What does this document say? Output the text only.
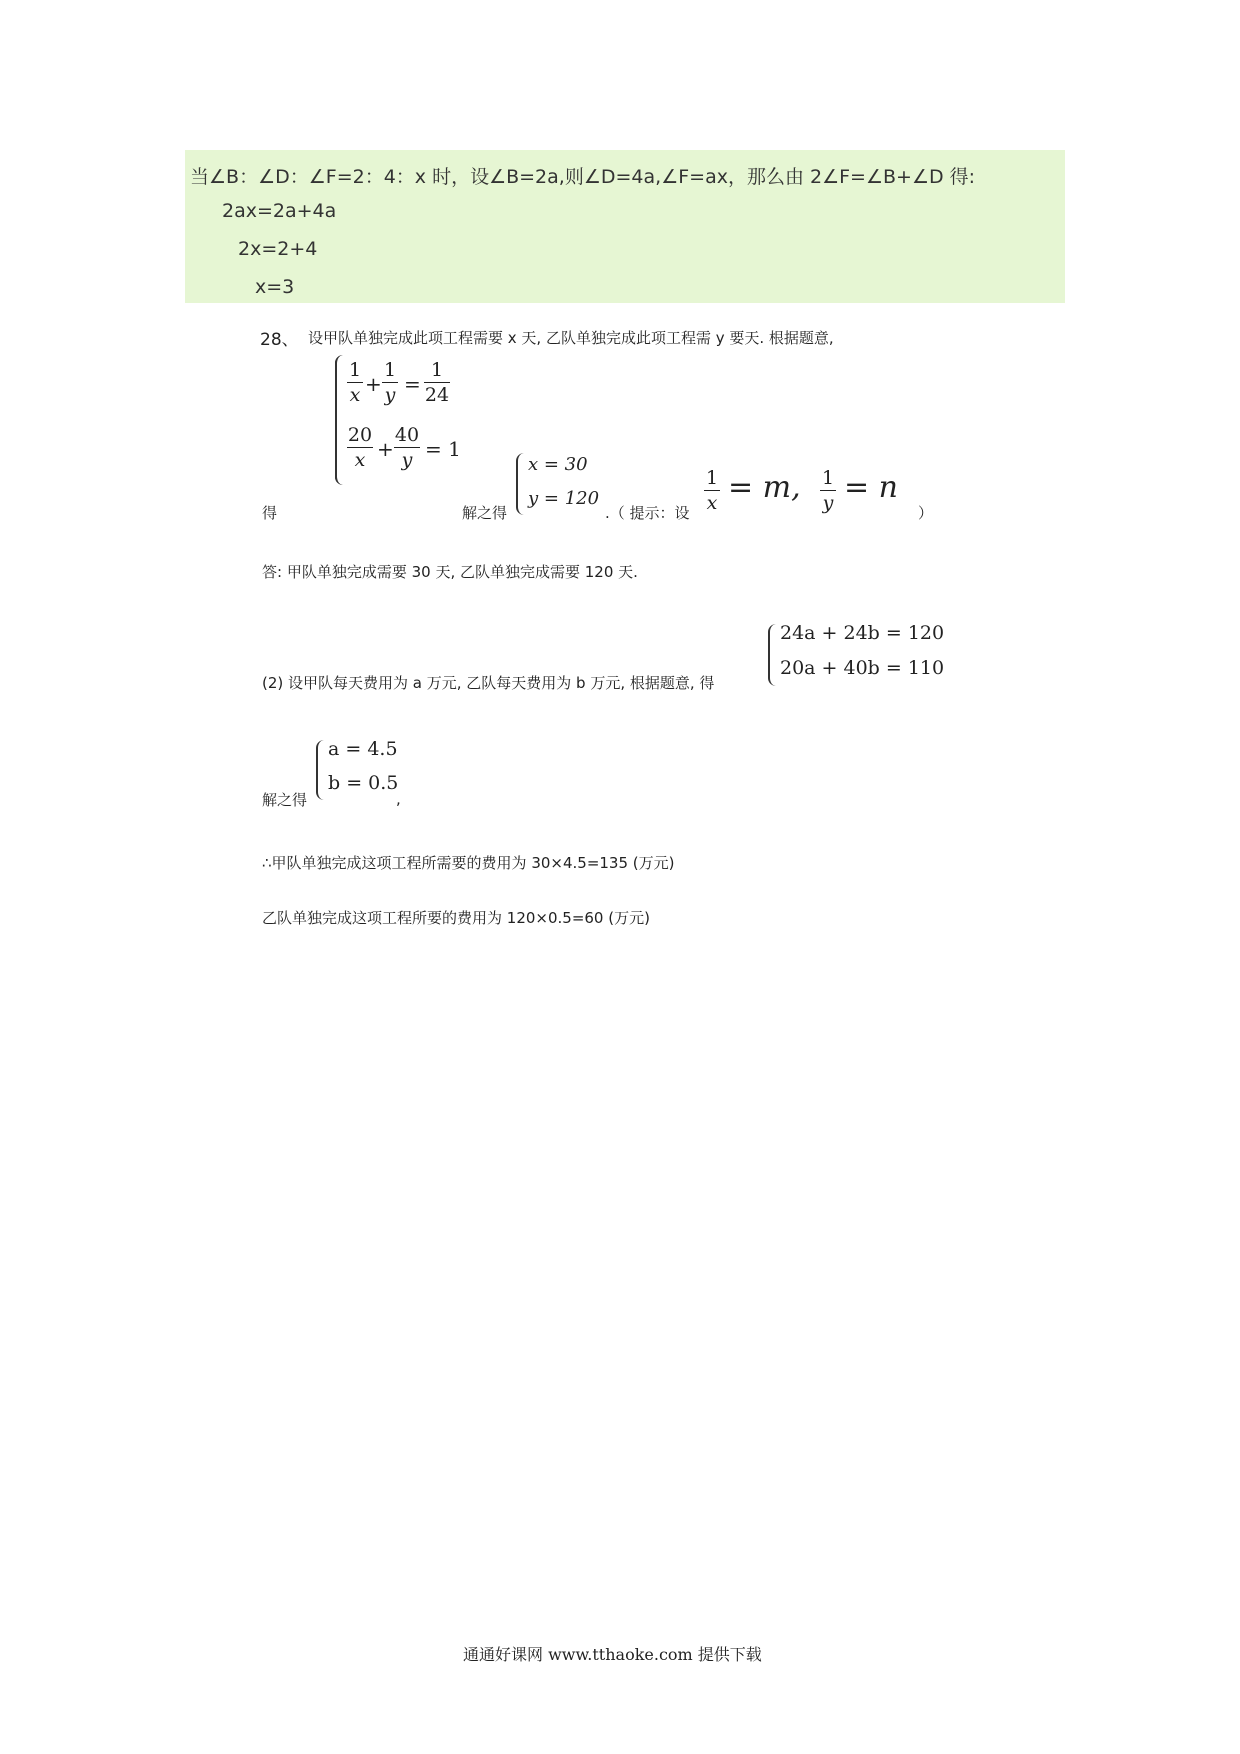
当∠B：∠D：∠F=2：4：x 时，设∠B=2a,则∠D=4a,∠F=ax，那么由 2∠F=∠B+∠D 得:
2ax=2a+4a
2x=2+4
x=3
28、 设甲队单独完成此项工程需要 x 天, 乙队单独完成此项工程需 y 要天. 根据题意,
$\frac{1}{x} + \frac{1}{y} = \frac{1}{24}$
$\frac{20}{x} + \frac{40}{y} = 1$
得	解之得
x = 30
y = 120
.（ 提示：设 $\frac{1}{x} = m$, $\frac{1}{y} = n$
）
答: 甲队单独完成需要 30 天, 乙队单独完成需要 120 天.
(2) 设甲队每天费用为 a 万元, 乙队每天费用为 b 万元, 根据题意, 得
24a + 24b = 120
20a + 40b = 110
解之得
a = 4.5
b = 0.5
,
∴甲队单独完成这项工程所需要的费用为 30×4.5=135 (万元)
乙队单独完成这项工程所要的费用为 120×0.5=60 (万元)
通通好课网 www.tthaoke.com 提供下载
